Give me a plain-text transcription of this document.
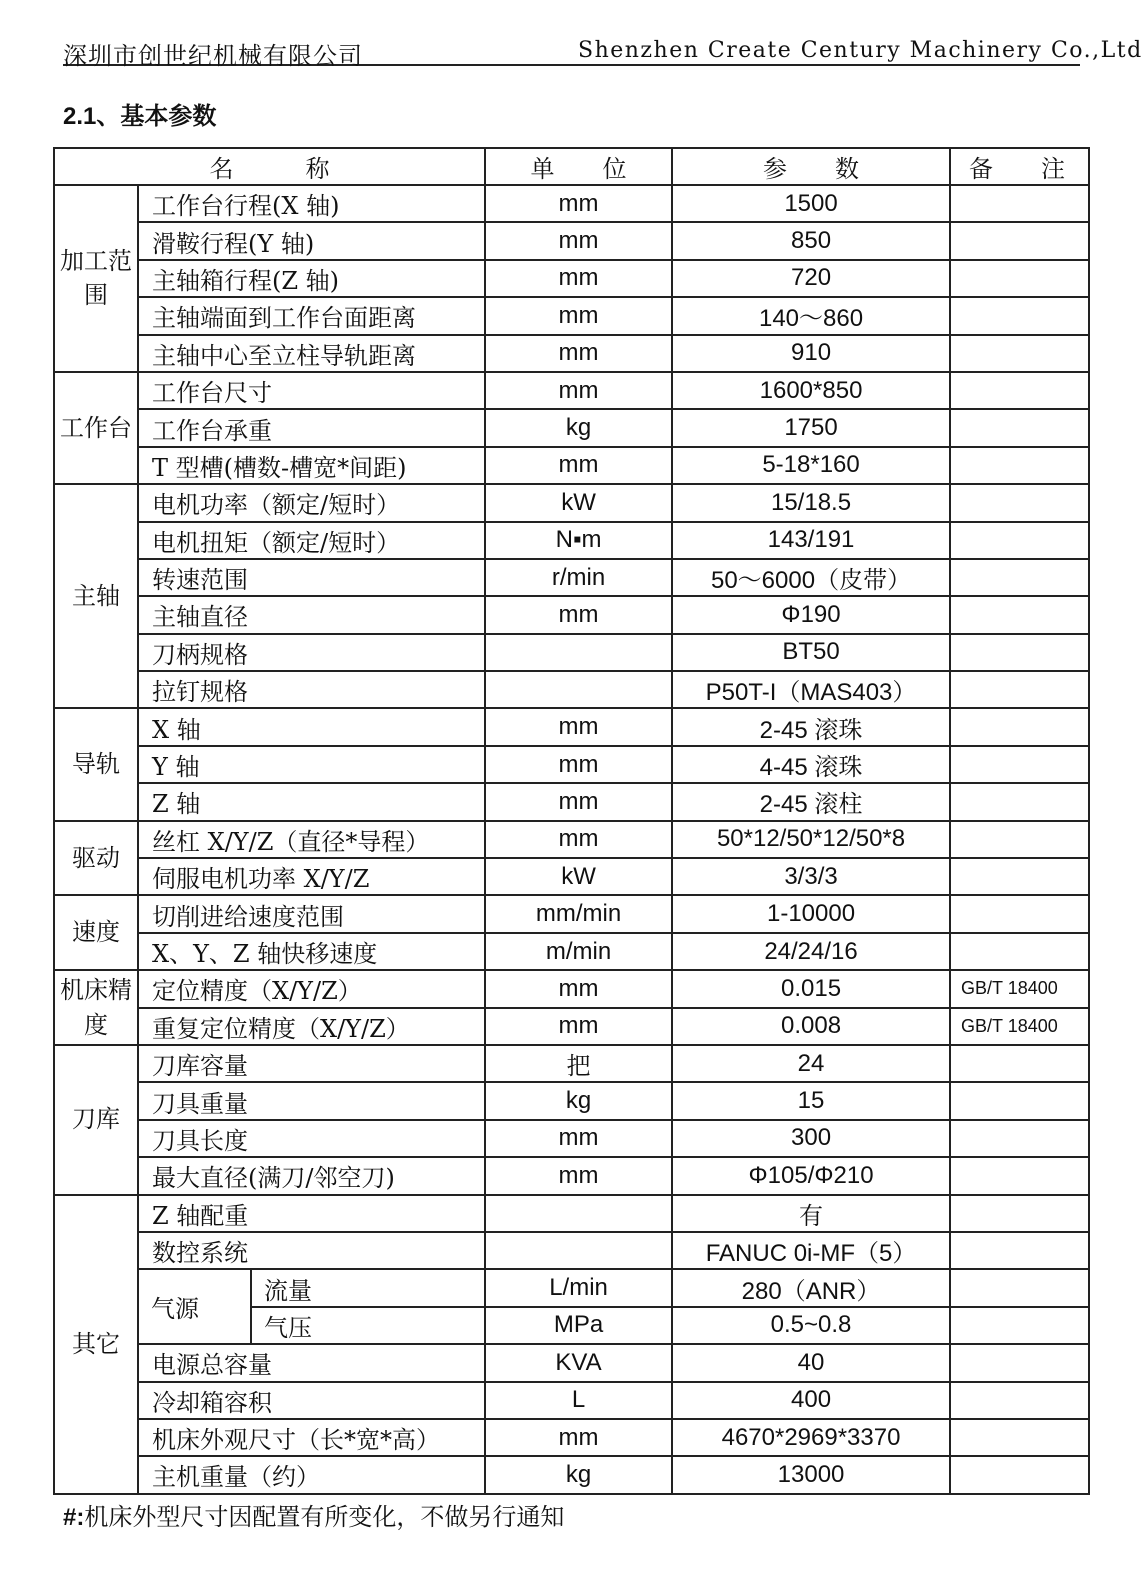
深圳市创世纪机械有限公司	Shenzhen Create Century Machinery Co.,Ltd
2.1、基本参数
名　　　称			单　　位	参　　数	备　　注
加工范围	工作台行程(X 轴)		mm	1500	
	滑鞍行程(Y 轴)		mm	850	
	主轴箱行程(Z 轴)		mm	720	
	主轴端面到工作台面距离		mm	140～860	
	主轴中心至立柱导轨距离		mm	910	
工作台	工作台尺寸		mm	1600*850	
	工作台承重		kg	1750	
	T 型槽(槽数-槽宽*间距)		mm	5-18*160	
主轴	电机功率（额定/短时）		kW	15/18.5	
	电机扭矩（额定/短时）		N▪m	143/191	
	转速范围		r/min	50～6000（皮带）	
	主轴直径		mm	Φ190	
	刀柄规格			BT50	
	拉钉规格			P50T-I（MAS403）	
导轨	X 轴		mm	2-45 滚珠	
	Y 轴		mm	4-45 滚珠	
	Z 轴		mm	2-45 滚柱	
驱动	丝杠 X/Y/Z（直径*导程）		mm	50*12/50*12/50*8	
	伺服电机功率 X/Y/Z		kW	3/3/3	
速度	切削进给速度范围		mm/min	1-10000	
	X、Y、Z 轴快移速度		m/min	24/24/16	
机床精度	定位精度（X/Y/Z）		mm	0.015	GB/T 18400
	重复定位精度（X/Y/Z）		mm	0.008	GB/T 18400
刀库	刀库容量		把	24	
	刀具重量		kg	15	
	刀具长度		mm	300	
	最大直径(满刀/邻空刀)		mm	Φ105/Φ210	
其它	Z 轴配重			有	
	数控系统			FANUC 0i-MF（5）	
	气源	流量	L/min	280（ANR）	
		气压	MPa	0.5~0.8	
	电源总容量		KVA	40	
	冷却箱容积		L	400	
	机床外观尺寸（长*宽*高）		mm	4670*2969*3370	
	主机重量（约）		kg	13000	
#:机床外型尺寸因配置有所变化，不做另行通知
